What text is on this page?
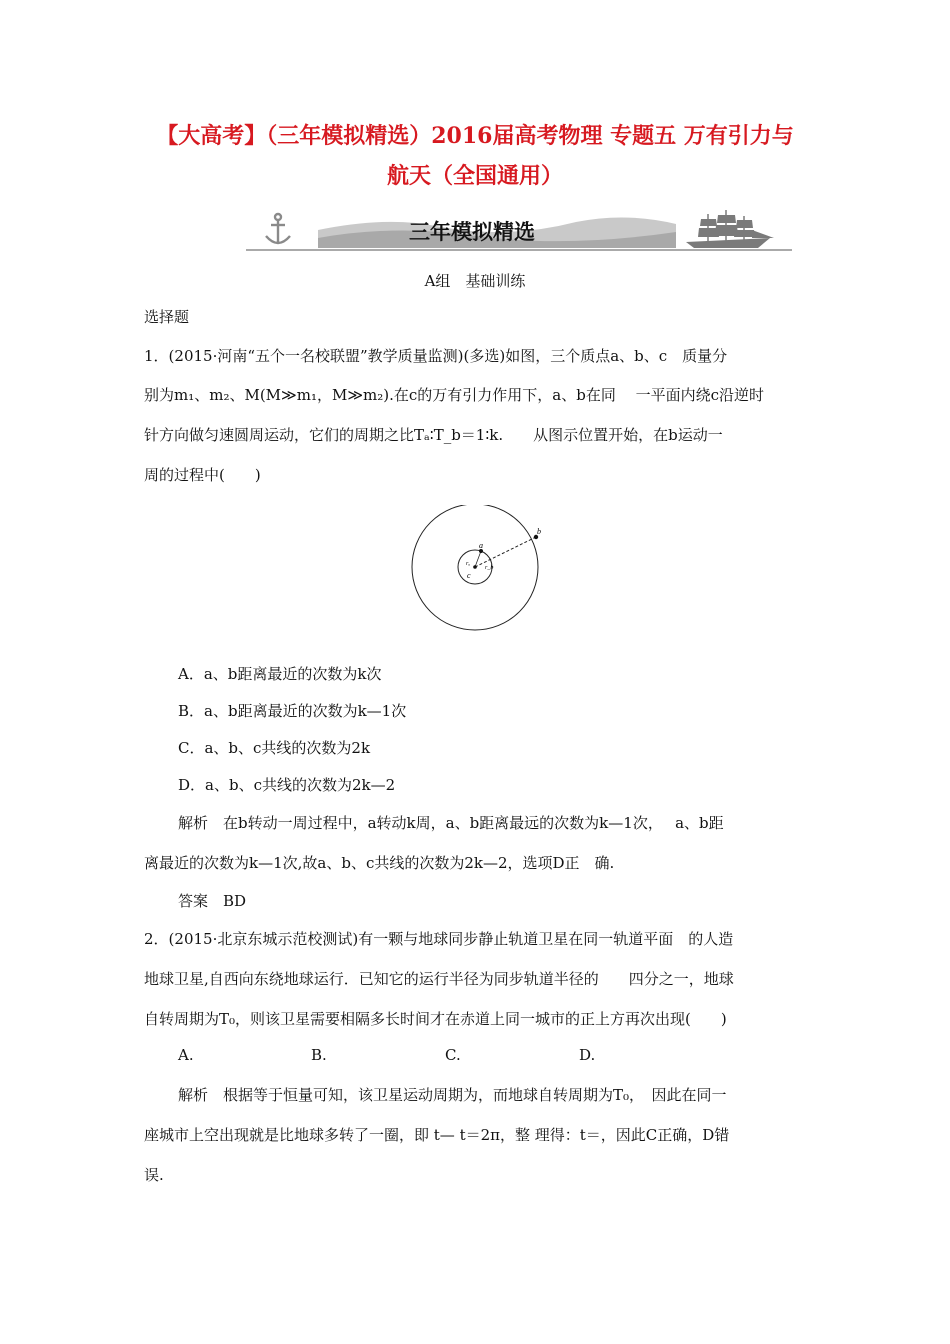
【大高考】（三年模拟精选）2016届高考物理 专题五 万有引力与
航天（全国通用）
三年模拟精选
A组　基础训练
选择题
1．(2015·河南“五个一名校联盟”教学质量监测)(多选)如图，三个质点a、b、c　质量分
别为m₁、m₂、M(M≫m₁，M≫m₂).在c的万有引力作用下，a、b在同　 一平面内绕c沿逆时
针方向做匀速圆周运动，它们的周期之比Tₐ∶T_b＝1∶k.　　从图示位置开始，在b运动一
周的过程中(　　)
a
b
c
rₐ
r_b
A．a、b距离最近的次数为k次
B．a、b距离最近的次数为k—1次
C．a、b、c共线的次数为2k
D．a、b、c共线的次数为2k—2
解析　在b转动一周过程中，a转动k周，a、b距离最远的次数为k—1次，　 a、b距
离最近的次数为k—1次,故a、b、c共线的次数为2k—2，选项D正　确.
答案　BD
2．(2015·北京东城示范校测试)有一颗与地球同步静止轨道卫星在同一轨道平面　的人造
地球卫星,自西向东绕地球运行．已知它的运行半径为同步轨道半径的　　四分之一，地球
自转周期为T₀，则该卫星需要相隔多长时间才在赤道上同一城市的正上方再次出现(　　)
A.	B.	C.	D.
解析　根据等于恒量可知，该卫星运动周期为，而地球自转周期为T₀，　因此在同一
座城市上空出现就是比地球多转了一圈，即 t— t＝2π，整 理得：t＝，因此C正确，D错
误.
